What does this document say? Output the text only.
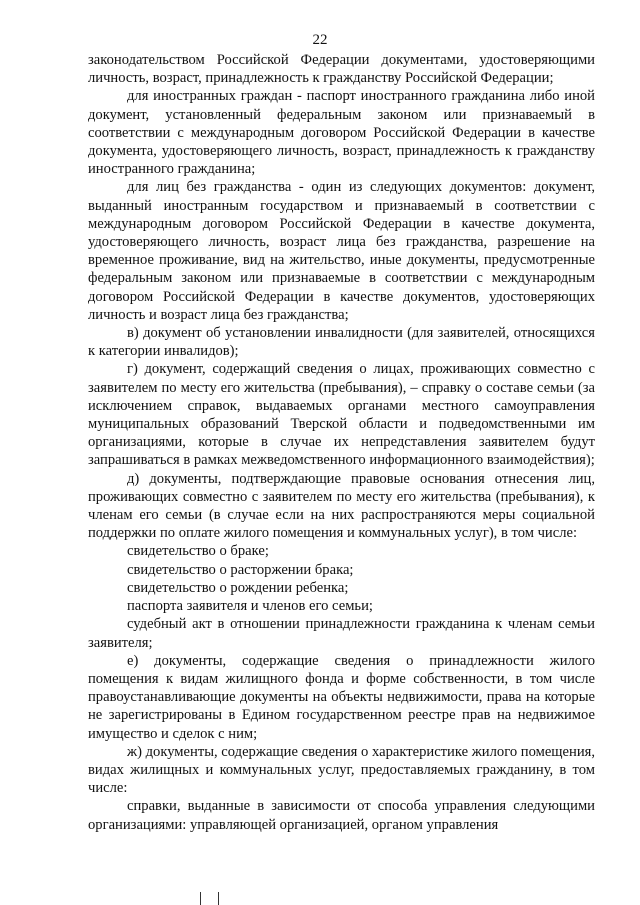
22

законодательством Российской Федерации документами, удостоверяющими личность, возраст, принадлежность к гражданству Российской Федерации;

для иностранных граждан - паспорт иностранного гражданина либо иной документ, установленный федеральным законом или признаваемый в соответствии с международным договором Российской Федерации в качестве документа, удостоверяющего личность, возраст, принадлежность к гражданству иностранного гражданина;

для лиц без гражданства - один из следующих документов: документ, выданный иностранным государством и признаваемый в соответствии с международным договором Российской Федерации в качестве документа, удостоверяющего личность, возраст лица без гражданства, разрешение на временное проживание, вид на жительство, иные документы, предусмотренные федеральным законом или признаваемые в соответствии с международным договором Российской Федерации в качестве документов, удостоверяющих личность и возраст лица без гражданства;

в) документ об установлении инвалидности (для заявителей, относящихся к категории инвалидов);

г) документ, содержащий сведения о лицах, проживающих совместно с заявителем по месту его жительства (пребывания), – справку о составе семьи (за исключением справок, выдаваемых органами местного самоуправления муниципальных образований Тверской области и подведомственными им организациями, которые в случае их непредставления заявителем будут запрашиваться в рамках межведомственного информационного взаимодействия);

д) документы, подтверждающие правовые основания отнесения лиц, проживающих совместно с заявителем по месту его жительства (пребывания), к членам его семьи (в случае если на них распространяются меры социальной поддержки по оплате жилого помещения и коммунальных услуг), в том числе:

свидетельство о браке;

свидетельство о расторжении брака;

свидетельство о рождении ребенка;

паспорта заявителя и членов его семьи;

судебный акт в отношении принадлежности гражданина к членам семьи заявителя;

е) документы, содержащие сведения о принадлежности жилого помещения к видам жилищного фонда и форме собственности, в том числе правоустанавливающие документы на объекты недвижимости, права на которые не зарегистрированы в Едином государственном реестре прав на недвижимое имущество и сделок с ним;

ж) документы, содержащие сведения о характеристике жилого помещения, видах жилищных и коммунальных услуг, предоставляемых гражданину, в том числе:

справки, выданные в зависимости от способа управления следующими организациями: управляющей организацией, органом управления
